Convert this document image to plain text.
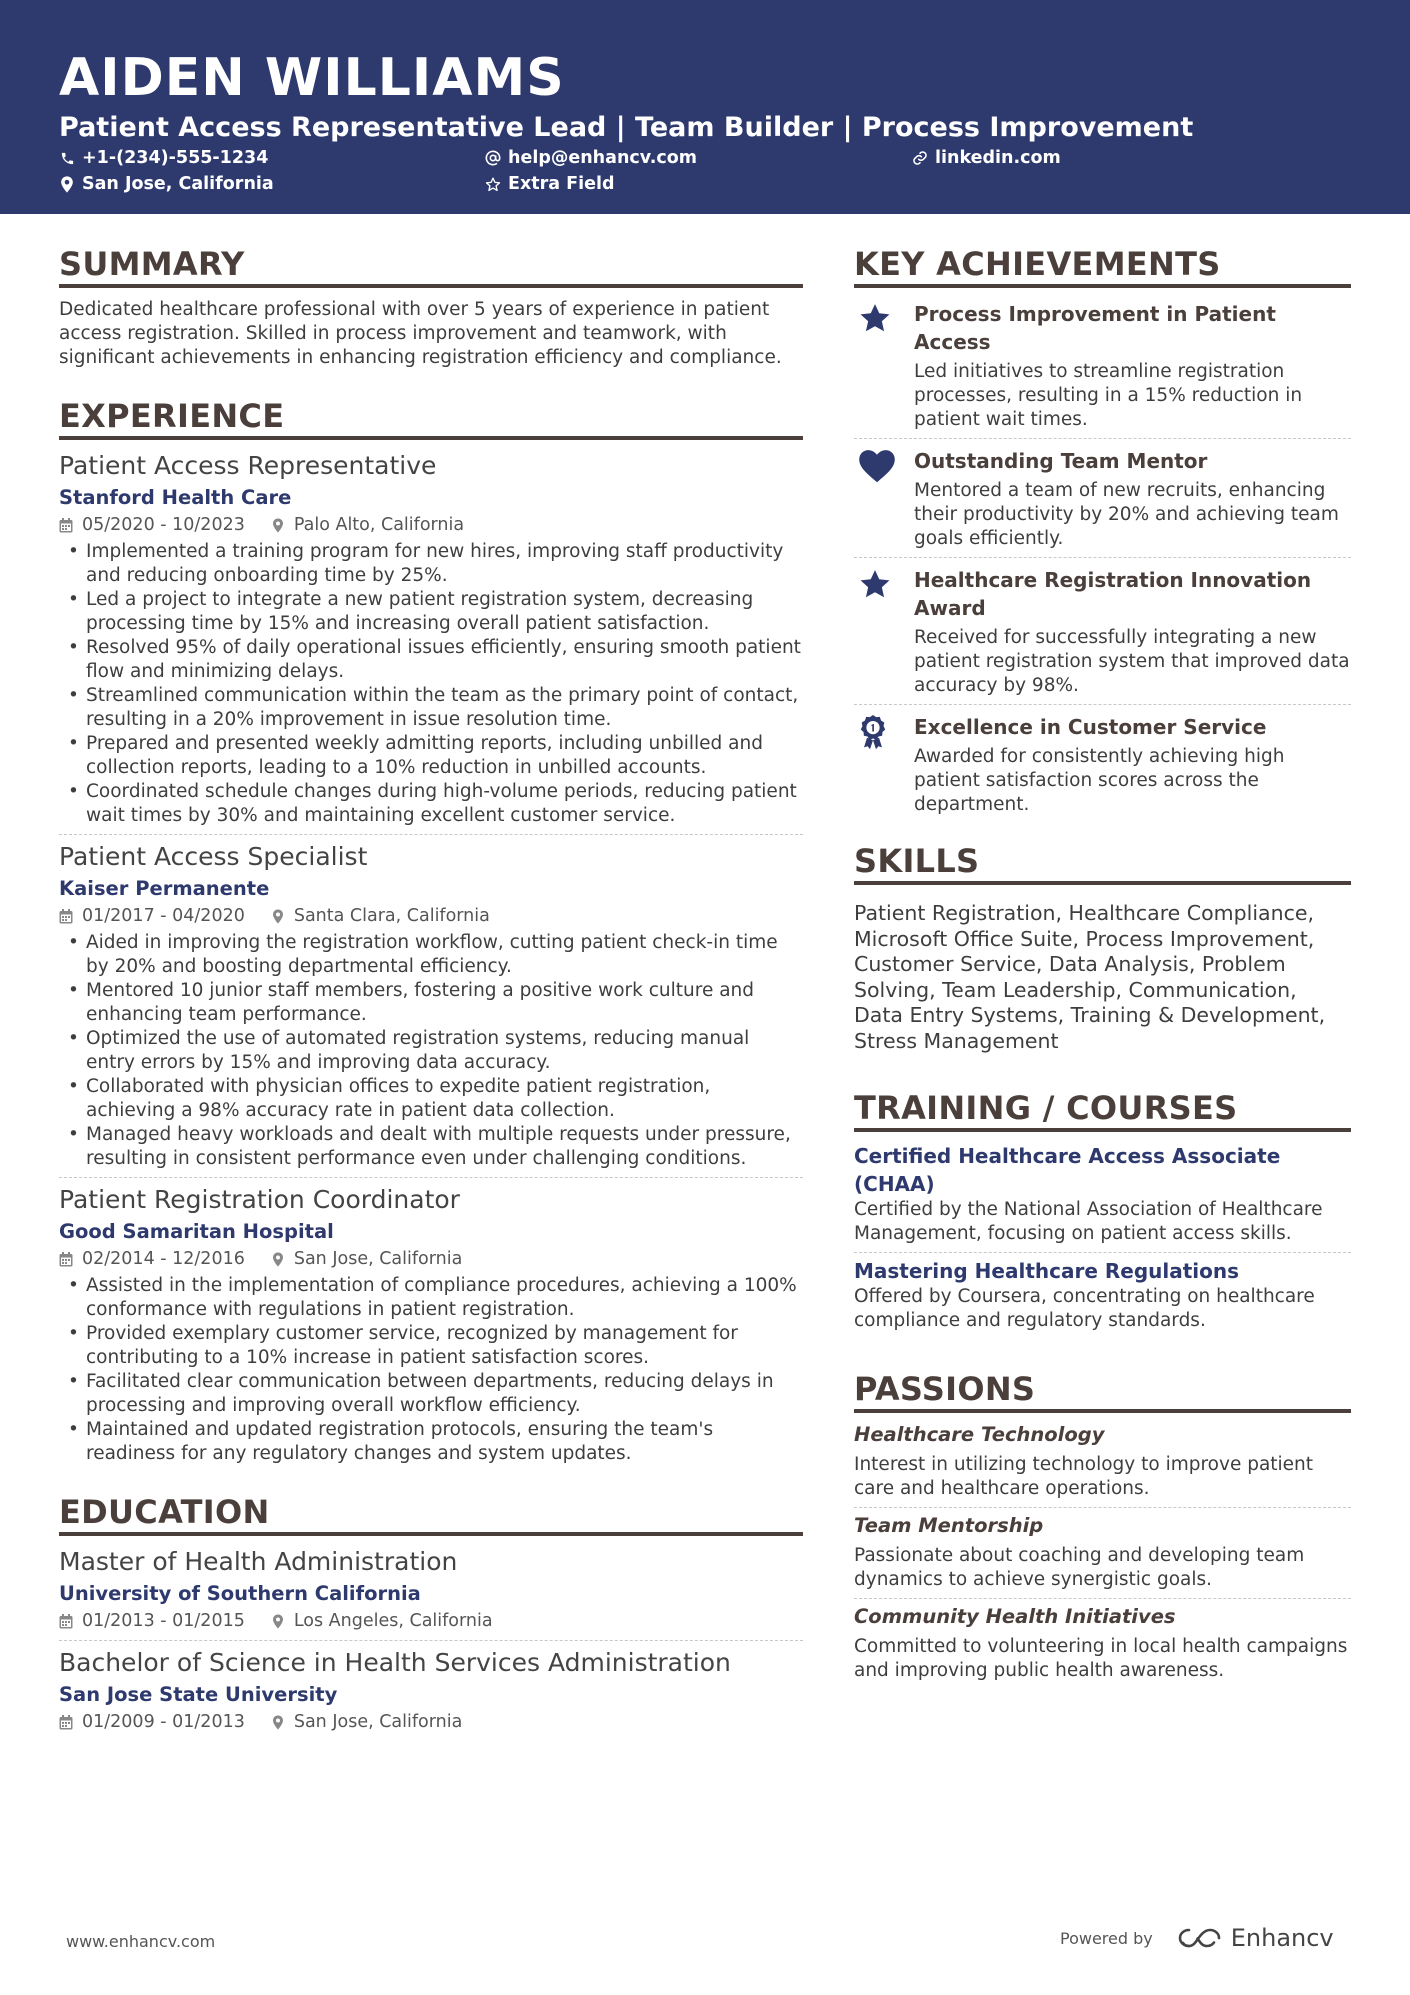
AIDEN WILLIAMS
Patient Access Representative Lead | Team Builder | Process Improvement
+1-(234)-555-1234	help@enhancv.com	linkedin.com
San Jose, California	Extra Field
SUMMARY
Dedicated healthcare professional with over 5 years of experience in patient access registration. Skilled in process improvement and teamwork, with significant achievements in enhancing registration efficiency and compliance.
EXPERIENCE
Patient Access Representative
Stanford Health Care
05/2020 - 10/2023	Palo Alto, California
• Implemented a training program for new hires, improving staff productivity and reducing onboarding time by 25%.
• Led a project to integrate a new patient registration system, decreasing processing time by 15% and increasing overall patient satisfaction.
• Resolved 95% of daily operational issues efficiently, ensuring smooth patient flow and minimizing delays.
• Streamlined communication within the team as the primary point of contact, resulting in a 20% improvement in issue resolution time.
• Prepared and presented weekly admitting reports, including unbilled and collection reports, leading to a 10% reduction in unbilled accounts.
• Coordinated schedule changes during high-volume periods, reducing patient wait times by 30% and maintaining excellent customer service.
Patient Access Specialist
Kaiser Permanente
01/2017 - 04/2020	Santa Clara, California
• Aided in improving the registration workflow, cutting patient check-in time by 20% and boosting departmental efficiency.
• Mentored 10 junior staff members, fostering a positive work culture and enhancing team performance.
• Optimized the use of automated registration systems, reducing manual entry errors by 15% and improving data accuracy.
• Collaborated with physician offices to expedite patient registration, achieving a 98% accuracy rate in patient data collection.
• Managed heavy workloads and dealt with multiple requests under pressure, resulting in consistent performance even under challenging conditions.
Patient Registration Coordinator
Good Samaritan Hospital
02/2014 - 12/2016	San Jose, California
• Assisted in the implementation of compliance procedures, achieving a 100% conformance with regulations in patient registration.
• Provided exemplary customer service, recognized by management for contributing to a 10% increase in patient satisfaction scores.
• Facilitated clear communication between departments, reducing delays in processing and improving overall workflow efficiency.
• Maintained and updated registration protocols, ensuring the team's readiness for any regulatory changes and system updates.
EDUCATION
Master of Health Administration
University of Southern California
01/2013 - 01/2015	Los Angeles, California
Bachelor of Science in Health Services Administration
San Jose State University
01/2009 - 01/2013	San Jose, California
KEY ACHIEVEMENTS
Process Improvement in Patient Access
Led initiatives to streamline registration processes, resulting in a 15% reduction in patient wait times.
Outstanding Team Mentor
Mentored a team of new recruits, enhancing their productivity by 20% and achieving team goals efficiently.
Healthcare Registration Innovation Award
Received for successfully integrating a new patient registration system that improved data accuracy by 98%.
Excellence in Customer Service
Awarded for consistently achieving high patient satisfaction scores across the department.
SKILLS
Patient Registration, Healthcare Compliance, Microsoft Office Suite, Process Improvement, Customer Service, Data Analysis, Problem Solving, Team Leadership, Communication, Data Entry Systems, Training & Development, Stress Management
TRAINING / COURSES
Certified Healthcare Access Associate (CHAA)
Certified by the National Association of Healthcare Management, focusing on patient access skills.
Mastering Healthcare Regulations
Offered by Coursera, concentrating on healthcare compliance and regulatory standards.
PASSIONS
Healthcare Technology
Interest in utilizing technology to improve patient care and healthcare operations.
Team Mentorship
Passionate about coaching and developing team dynamics to achieve synergistic goals.
Community Health Initiatives
Committed to volunteering in local health campaigns and improving public health awareness.
www.enhancv.com	Powered by	Enhancv
